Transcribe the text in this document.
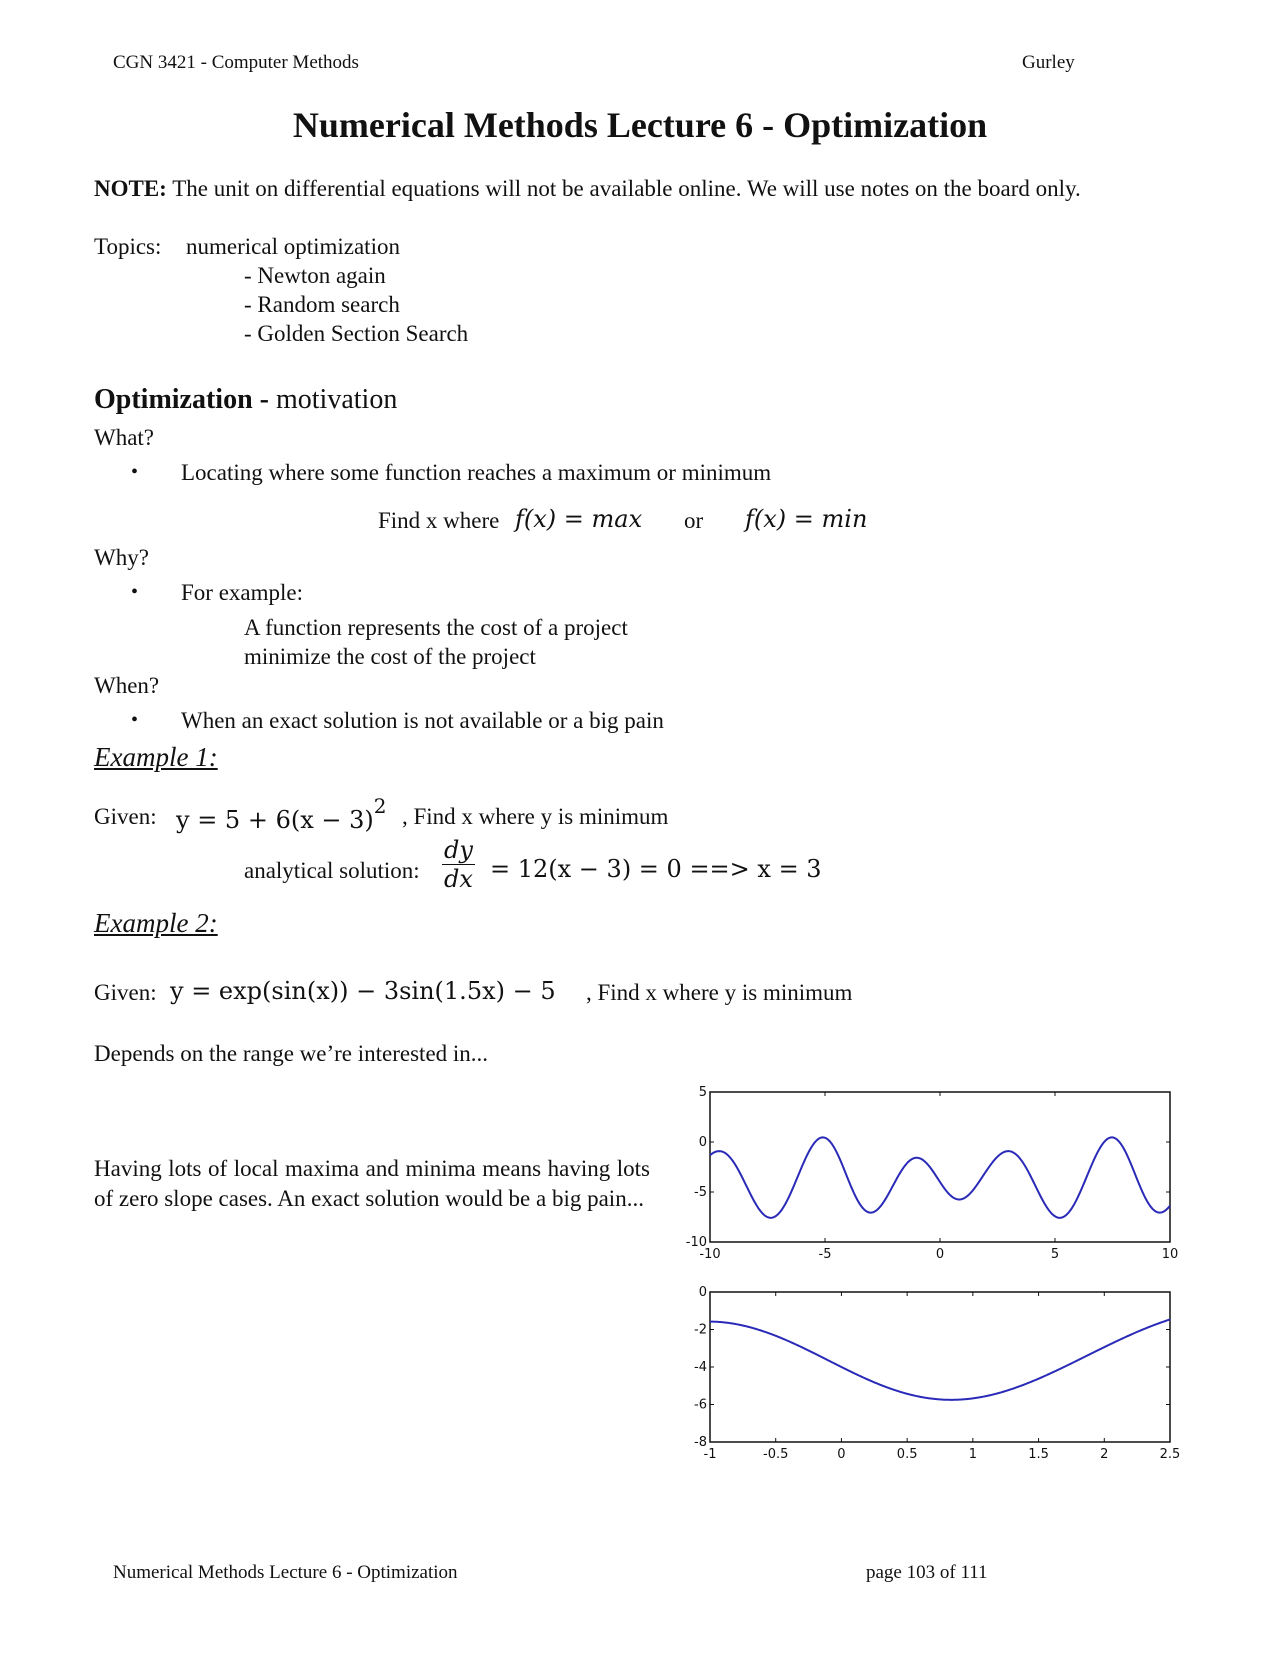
CGN 3421 - Computer Methods	Gurley
Numerical Methods Lecture 6 - Optimization
NOTE: The unit on differential equations will not be available online. We will use notes on the board only.
Topics: numerical optimization
- Newton again
- Random search
- Golden Section Search
Optimization - motivation
What?
• Locating where some function reaches a maximum or minimum
Find x where f(x) = max or f(x) = min
Why?
• For example:
A function represents the cost of a project
minimize the cost of the project
When?
• When an exact solution is not available or a big pain
Example 1:
Given: $y = 5 + 6(x - 3)^2$ , Find x where y is minimum
analytical solution: $\frac{dy}{dx} = 12(x - 3) = 0$ ==> x = 3
Example 2:
Given: y = exp(sin(x)) − 3sin(1.5x) − 5 , Find x where y is minimum
Depends on the range we’re interested in...
Having lots of local maxima and minima means having lots of zero slope cases. An exact solution would be a big pain...
-10	-5	0	5	10
5
0
-5
-10
-1	-0.5	0	0.5	1	1.5	2	2.5
0
-2
-4
-6
-8
Numerical Methods Lecture 6 - Optimization	page 103 of 111
